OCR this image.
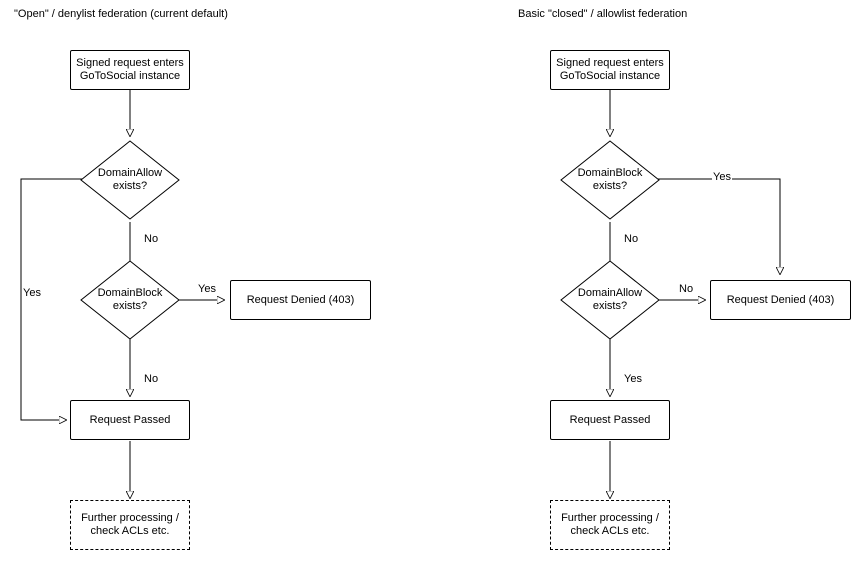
"Open" / denylist federation (current default)	Basic "closed" / allowlist federation
Signed request enters
GoToSocial instance
DomainAllow
exists?
DomainBlock
exists?
Request Denied (403)
Request Passed
Further processing /
check ACLs etc.
Yes
No
Yes
No
Signed request enters
GoToSocial instance
DomainBlock
exists?
DomainAllow
exists?
Request Denied (403)
Request Passed
Further processing /
check ACLs etc.
Yes
No
No
Yes
